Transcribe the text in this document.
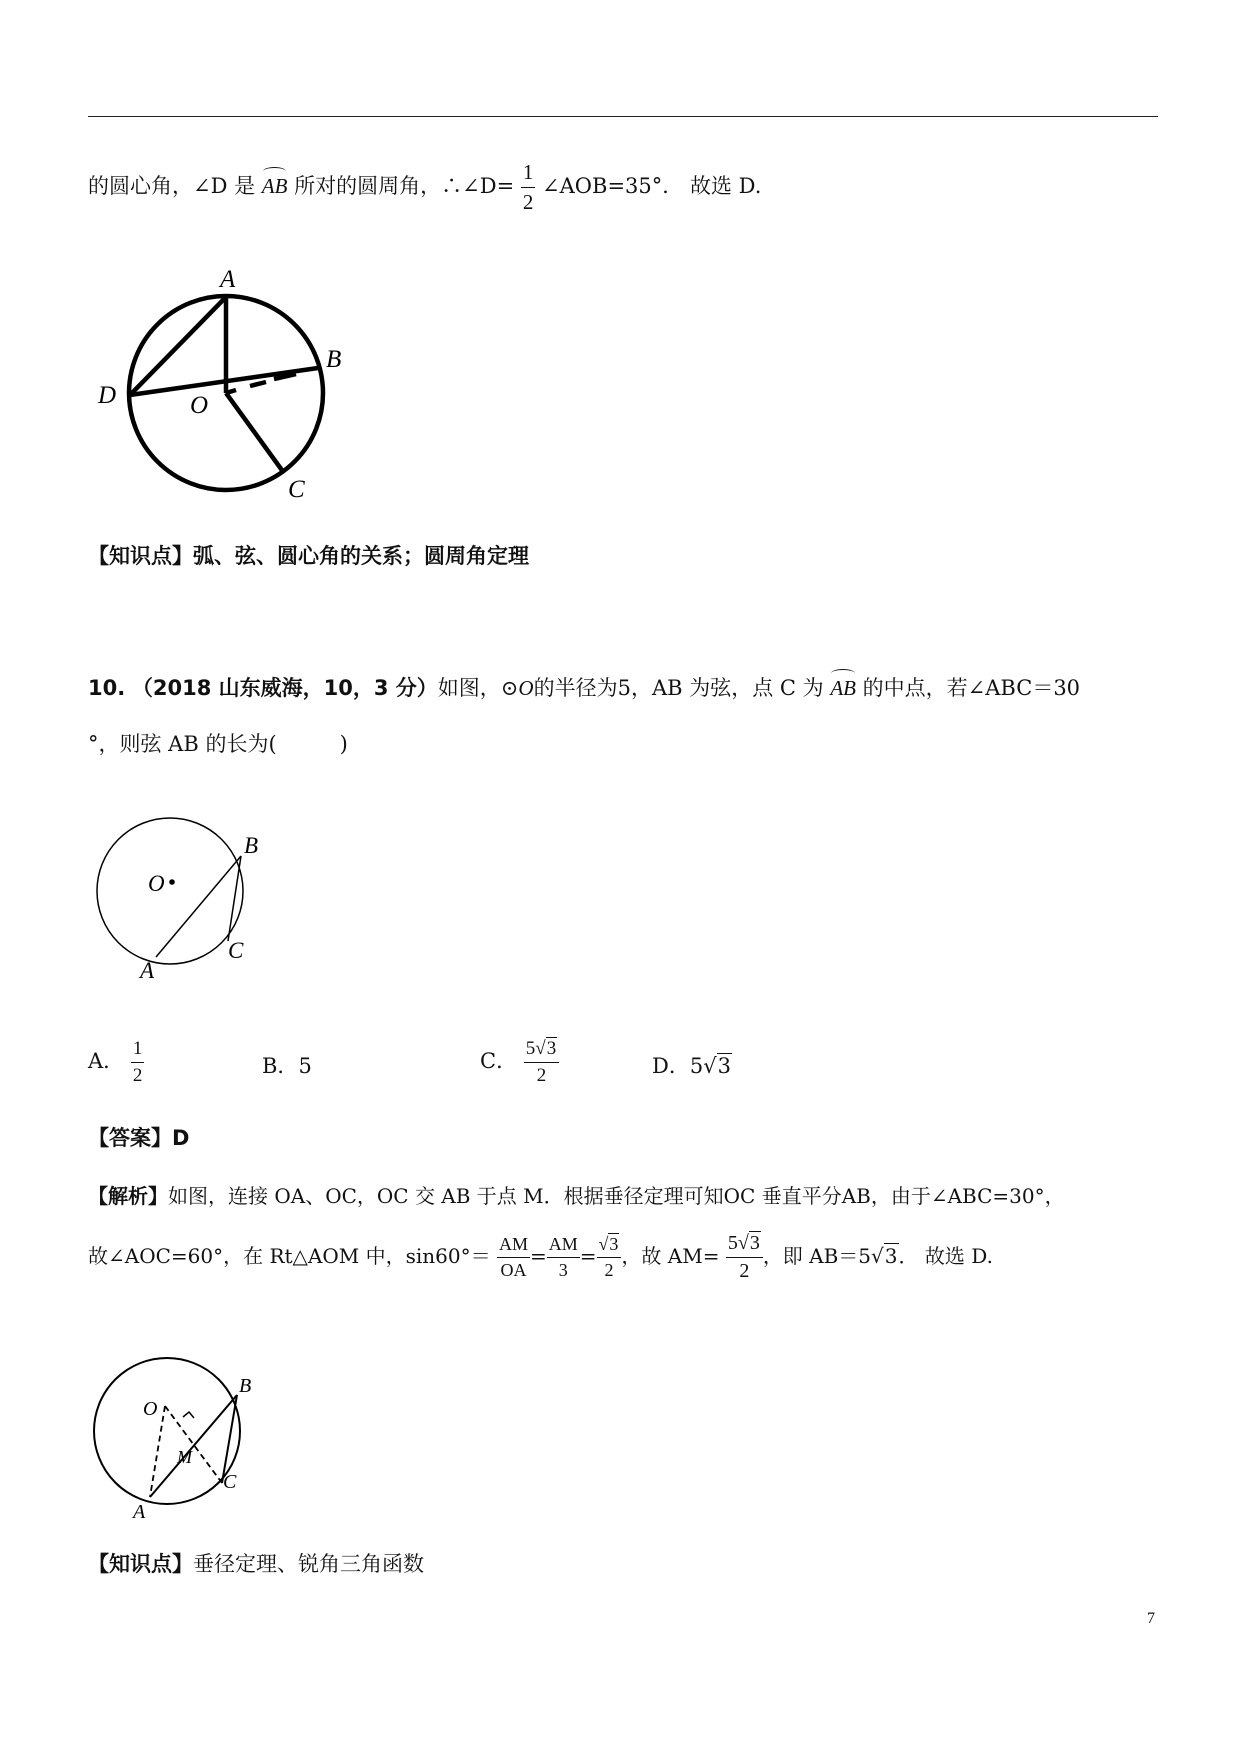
的圆心角，∠D 是 AB 所对的圆周角，∴∠D= $\frac{1}{2}$ ∠AOB=35°． 故选 D.
A
B
D	O
C
【知识点】弧、弦、圆心角的关系；圆周角定理
10. （2018 山东威海，10，3 分）如图，⊙O的半径为5，AB 为弦，点 C 为 AB 的中点，若∠ABC＝30
°，则弦 AB 的长为(　　　)
O
B
C
A
A． $\frac{1}{2}$	B．5	C． $\frac{5√3}{2}$	D．5√3
【答案】D
【解析】如图，连接 OA、OC，OC 交 AB 于点 M．根据垂径定理可知OC 垂直平分AB，由于∠ABC=30°，
故∠AOC=60°，在 Rt△AOM 中，$\sin 60^\circ= \frac{AM}{OA} = \frac{AM}{3} = \frac{√3}{2}$ ，故 $AM= \frac{5√3}{2}$ ，即 AB＝5√3． 故选 D.
O
B
C
M
A
【知识点】垂径定理、锐角三角函数
7
